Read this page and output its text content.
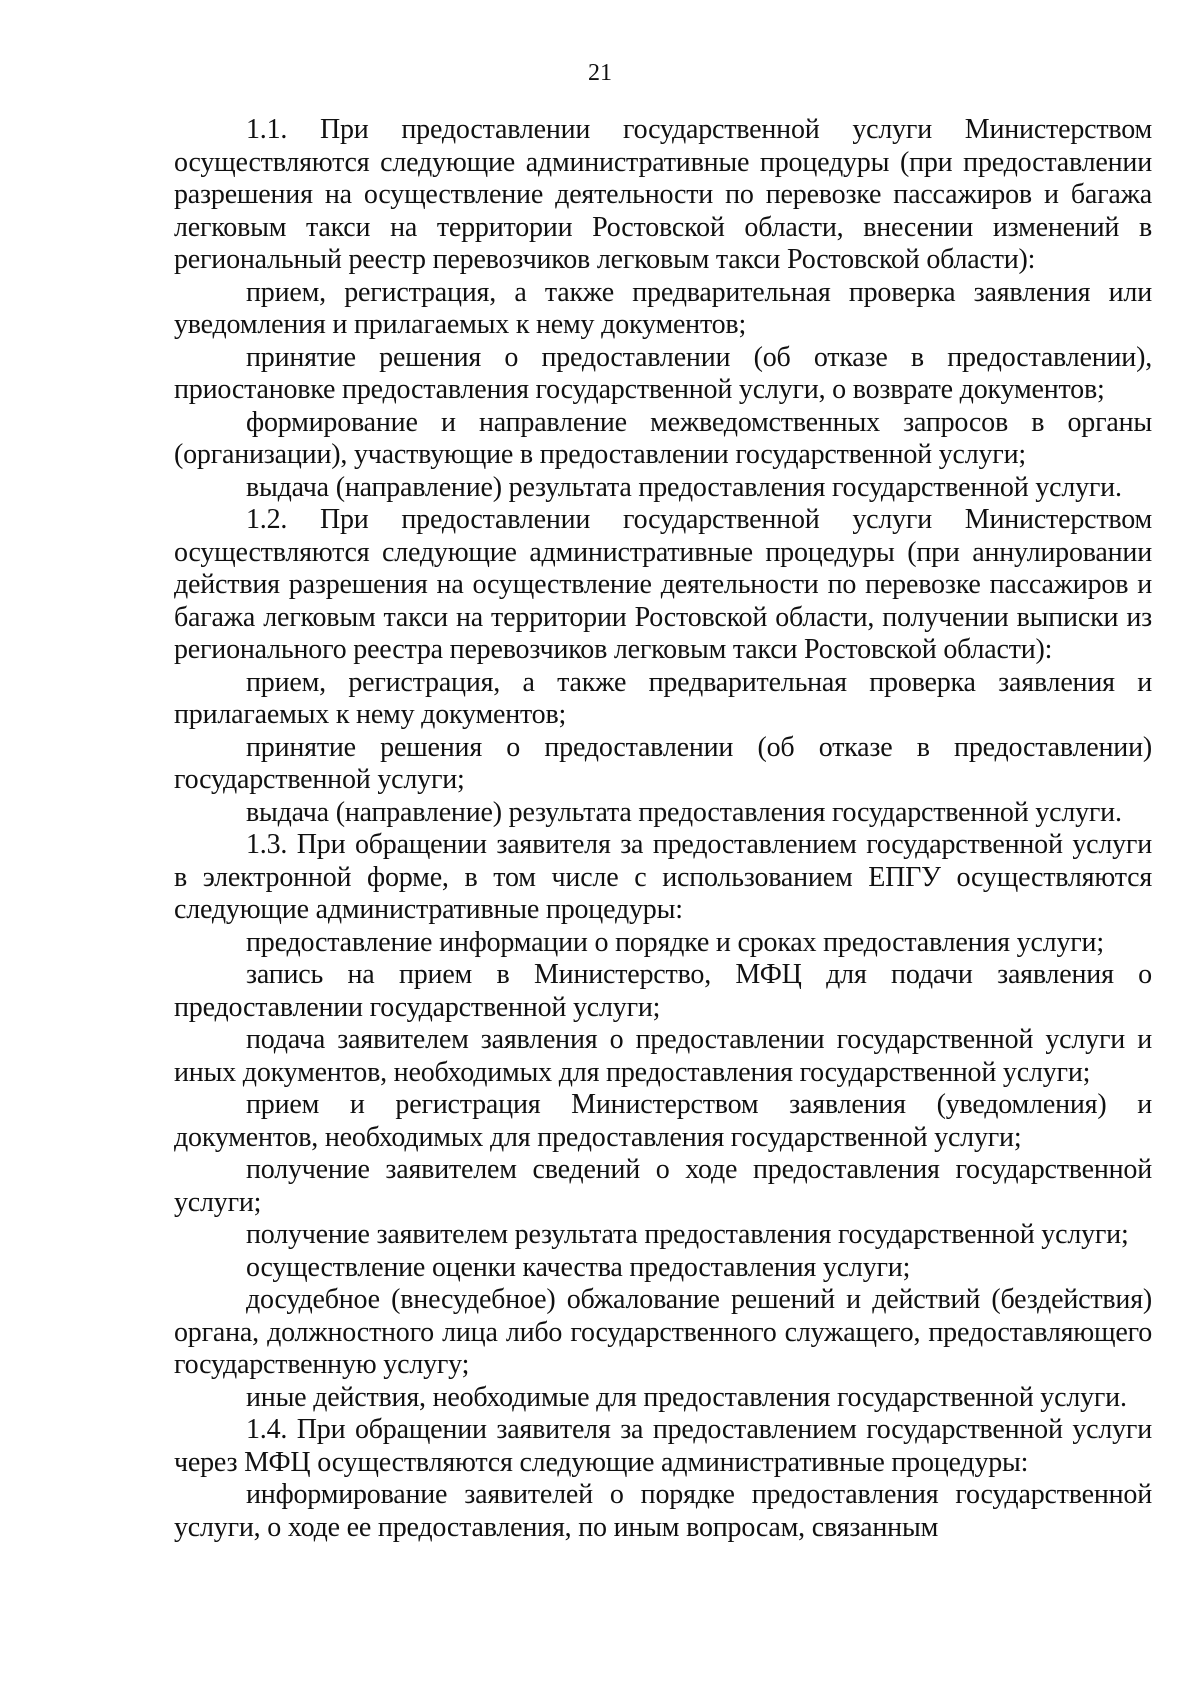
21

1.1. При предоставлении государственной услуги Министерством осуществляются следующие административные процедуры (при предоставлении разрешения на осуществление деятельности по перевозке пассажиров и багажа легковым такси на территории Ростовской области, внесении изменений в региональный реестр перевозчиков легковым такси Ростовской области):

прием, регистрация, а также предварительная проверка заявления или уведомления и прилагаемых к нему документов;

принятие решения о предоставлении (об отказе в предоставлении), приостановке предоставления государственной услуги, о возврате документов;

формирование и направление межведомственных запросов в органы (организации), участвующие в предоставлении государственной услуги;

выдача (направление) результата предоставления государственной услуги.

1.2. При предоставлении государственной услуги Министерством осуществляются следующие административные процедуры (при аннулировании действия разрешения на осуществление деятельности по перевозке пассажиров и багажа легковым такси на территории Ростовской области, получении выписки из регионального реестра перевозчиков легковым такси Ростовской области):

прием, регистрация, а также предварительная проверка заявления и прилагаемых к нему документов;

принятие решения о предоставлении (об отказе в предоставлении) государственной услуги;

выдача (направление) результата предоставления государственной услуги.

1.3. При обращении заявителя за предоставлением государственной услуги в электронной форме, в том числе с использованием ЕПГУ осуществляются следующие административные процедуры:

предоставление информации о порядке и сроках предоставления услуги;

запись на прием в Министерство, МФЦ для подачи заявления о предоставлении государственной услуги;

подача заявителем заявления о предоставлении государственной услуги и иных документов, необходимых для предоставления государственной услуги;

прием и регистрация Министерством заявления (уведомления) и документов, необходимых для предоставления государственной услуги;

получение заявителем сведений о ходе предоставления государственной услуги;

получение заявителем результата предоставления государственной услуги;

осуществление оценки качества предоставления услуги;

досудебное (внесудебное) обжалование решений и действий (бездействия) органа, должностного лица либо государственного служащего, предоставляющего государственную услугу;

иные действия, необходимые для предоставления государственной услуги.

1.4. При обращении заявителя за предоставлением государственной услуги через МФЦ осуществляются следующие административные процедуры:

информирование заявителей о порядке предоставления государственной услуги, о ходе ее предоставления, по иным вопросам, связанным
